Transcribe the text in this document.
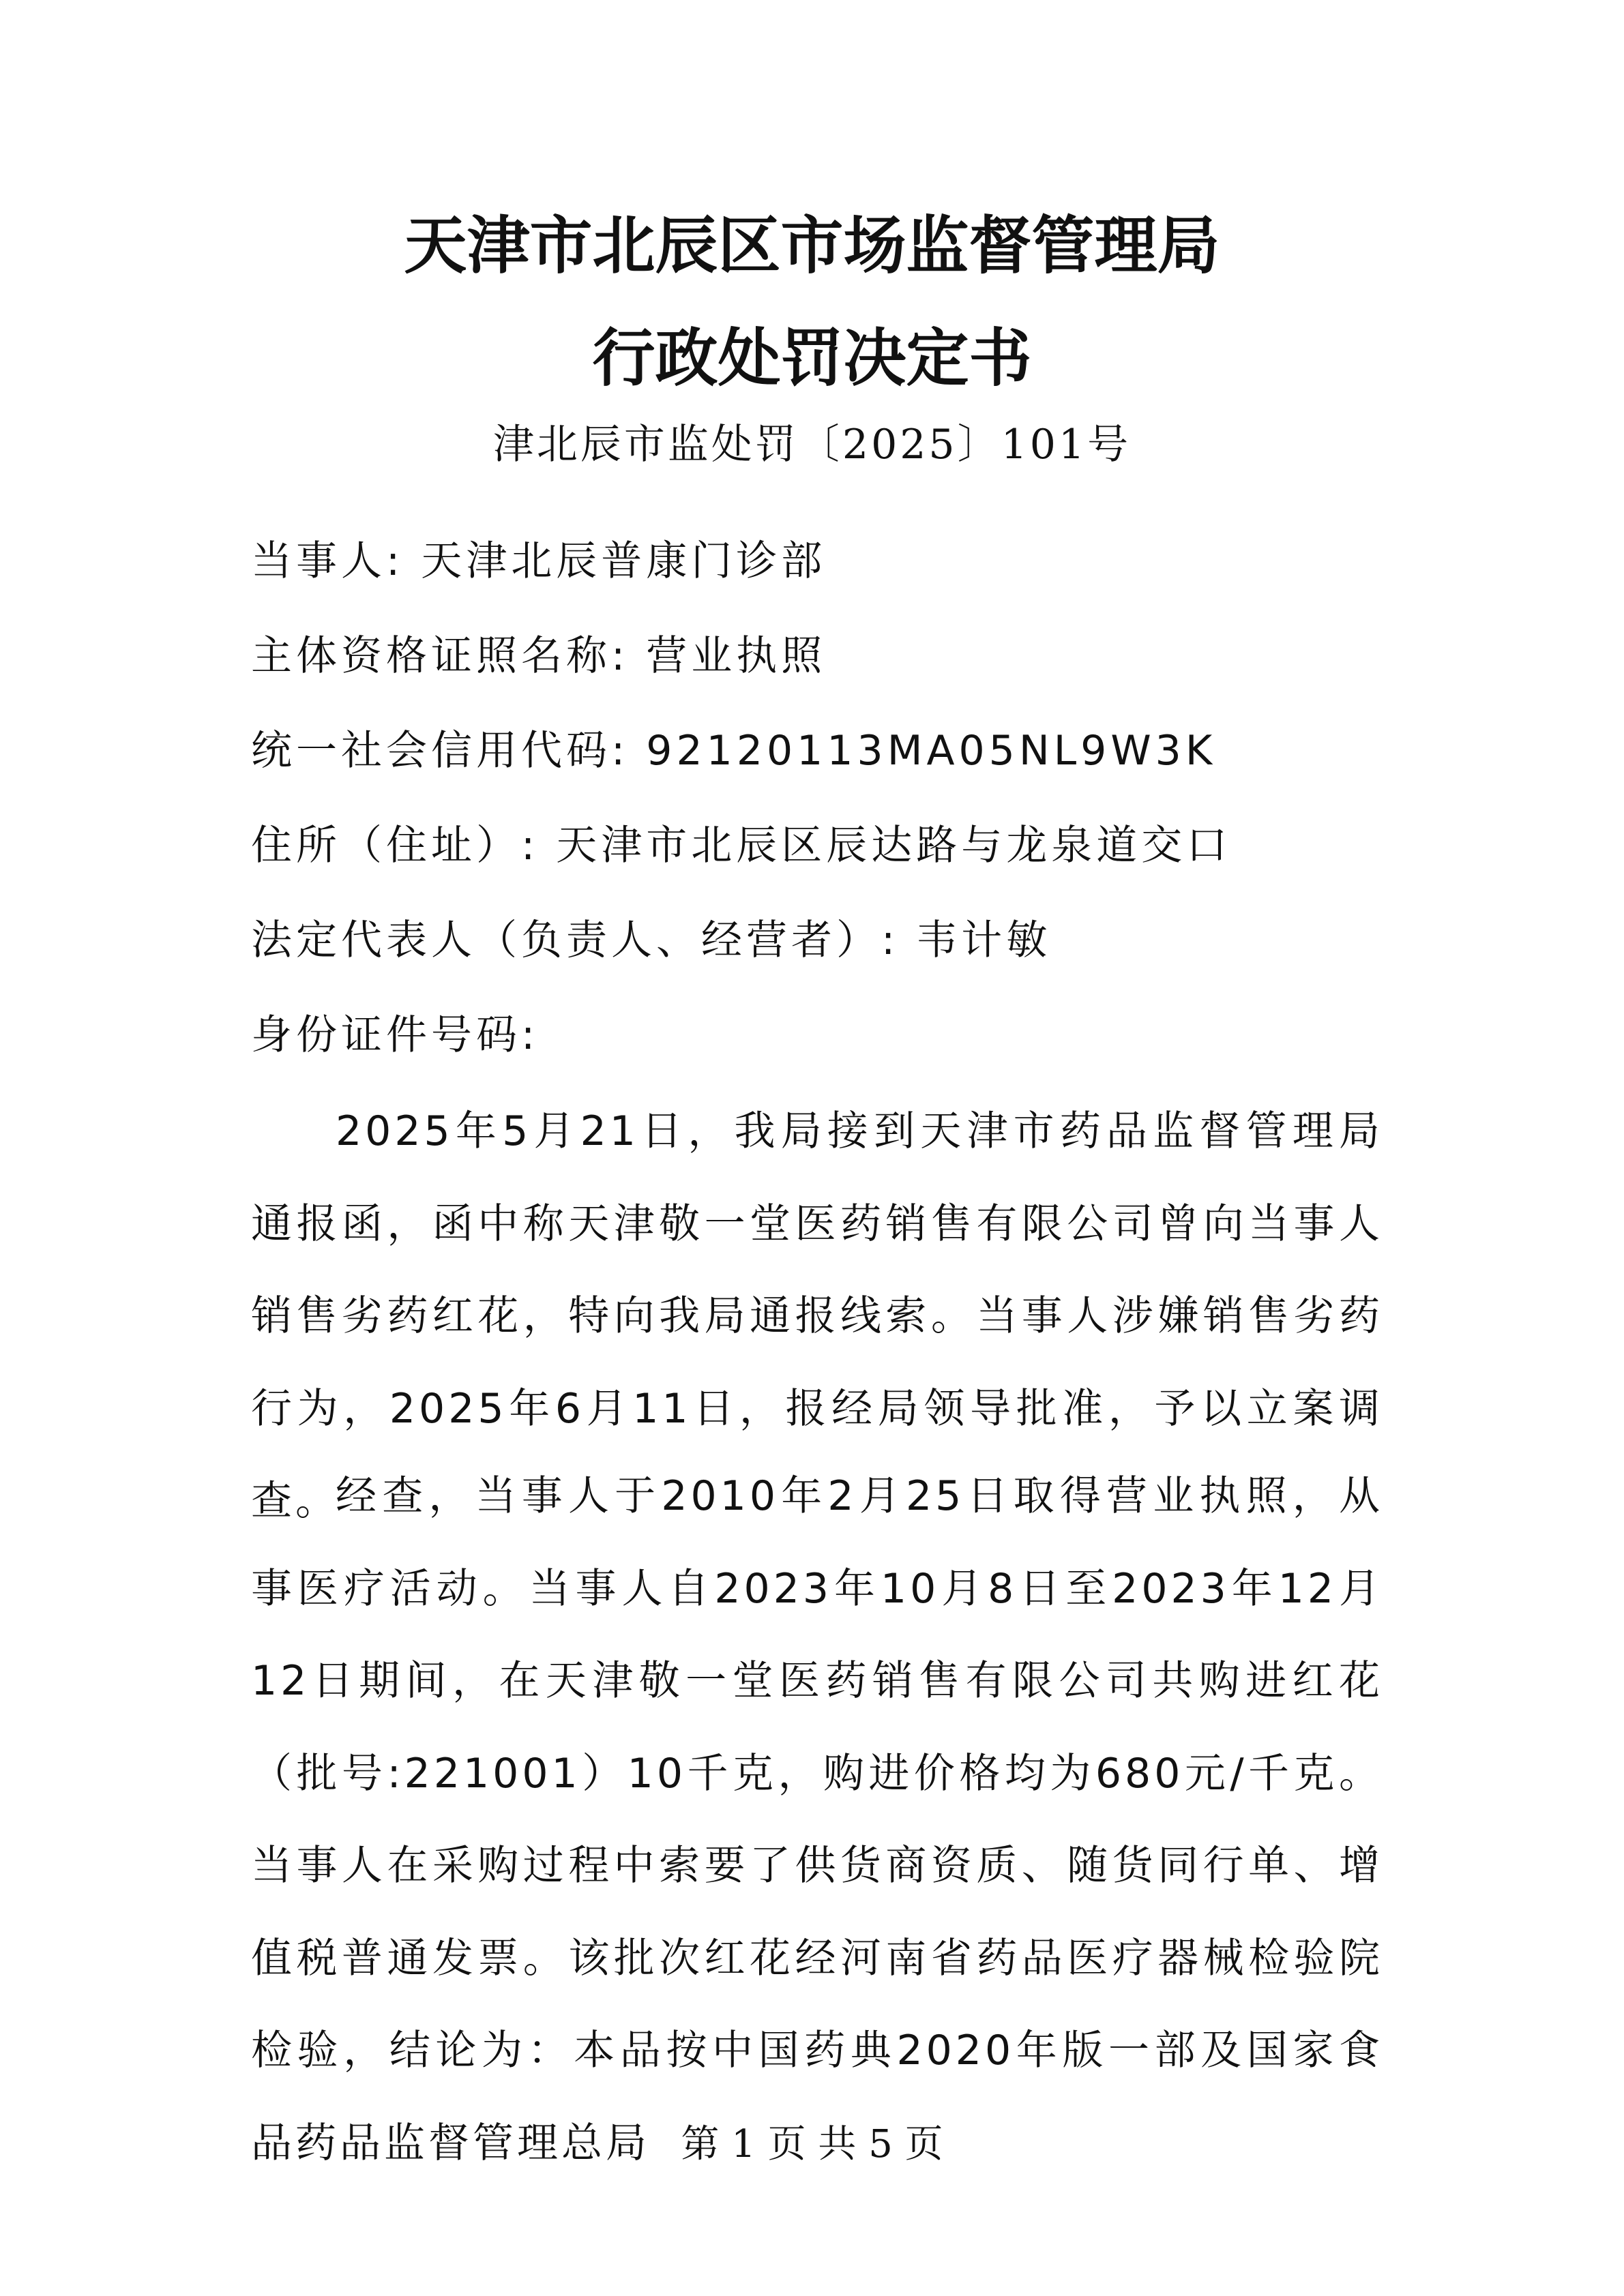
天津市北辰区市场监督管理局
行政处罚决定书
津北辰市监处罚〔2025〕101号
当事人: 天津北辰普康门诊部
主体资格证照名称: 营业执照
统一社会信用代码: 92120113MA05NL9W3K
住所（住址）: 天津市北辰区辰达路与龙泉道交口
法定代表人（负责人、经营者）: 韦计敏
身份证件号码:

2025年5月21日，我局接到天津市药品监督管理局通报函，函中称天津敬一堂医药销售有限公司曾向当事人销售劣药红花，特向我局通报线索。当事人涉嫌销售劣药行为，2025年6月11日，报经局领导批准，予以立案调查。

经查，当事人于2010年2月25日取得营业执照，从事医疗活动。当事人自2023年10月8日至2023年12月12日期间，在天津敬一堂医药销售有限公司共购进红花（批号:221001）10千克，购进价格均为680元/千克。当事人在采购过程中索要了供货商资质、随货同行单、增值税普通发票。该批次红花经河南省药品医疗器械检验院检验，结论为：本品按中国药典2020年版一部及国家食品药品监督管理总局 第 1 页 共 5 页
